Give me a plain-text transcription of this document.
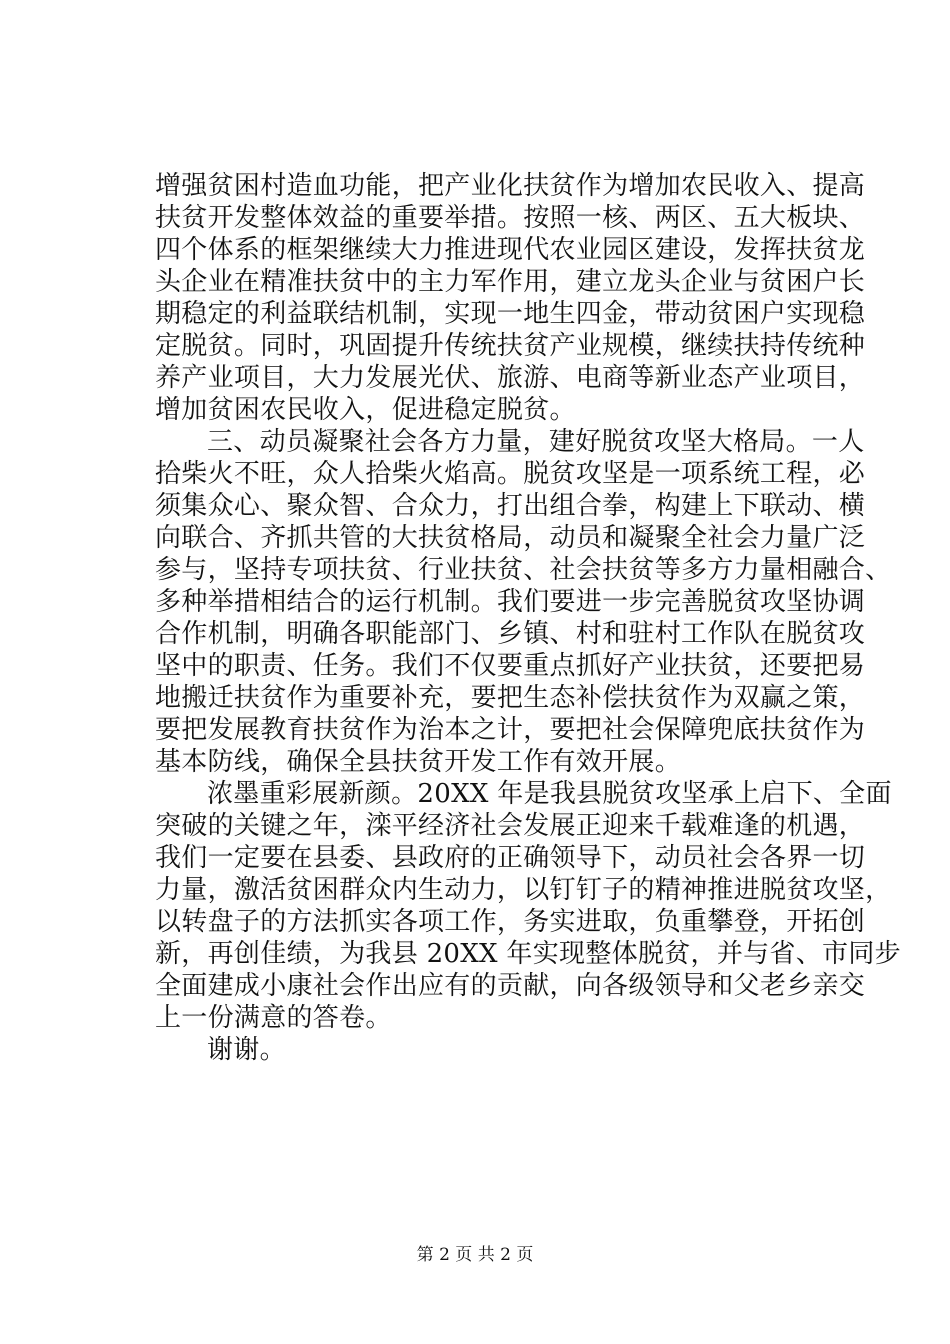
增强贫困村造血功能，把产业化扶贫作为增加农民收入、提高
扶贫开发整体效益的重要举措。按照一核、两区、五大板块、
四个体系的框架继续大力推进现代农业园区建设，发挥扶贫龙
头企业在精准扶贫中的主力军作用，建立龙头企业与贫困户长
期稳定的利益联结机制，实现一地生四金，带动贫困户实现稳
定脱贫。同时，巩固提升传统扶贫产业规模，继续扶持传统种
养产业项目，大力发展光伏、旅游、电商等新业态产业项目，
增加贫困农民收入，促进稳定脱贫。
三、动员凝聚社会各方力量，建好脱贫攻坚大格局。一人
拾柴火不旺，众人拾柴火焰高。脱贫攻坚是一项系统工程，必
须集众心、聚众智、合众力，打出组合拳，构建上下联动、横
向联合、齐抓共管的大扶贫格局，动员和凝聚全社会力量广泛
参与，坚持专项扶贫、行业扶贫、社会扶贫等多方力量相融合、
多种举措相结合的运行机制。我们要进一步完善脱贫攻坚协调
合作机制，明确各职能部门、乡镇、村和驻村工作队在脱贫攻
坚中的职责、任务。我们不仅要重点抓好产业扶贫，还要把易
地搬迁扶贫作为重要补充，要把生态补偿扶贫作为双赢之策，
要把发展教育扶贫作为治本之计，要把社会保障兜底扶贫作为
基本防线，确保全县扶贫开发工作有效开展。
浓墨重彩展新颜。20XX 年是我县脱贫攻坚承上启下、全面
突破的关键之年，滦平经济社会发展正迎来千载难逢的机遇，
我们一定要在县委、县政府的正确领导下，动员社会各界一切
力量，激活贫困群众内生动力，以钉钉子的精神推进脱贫攻坚，
以转盘子的方法抓实各项工作，务实进取，负重攀登，开拓创
新，再创佳绩，为我县 20XX 年实现整体脱贫，并与省、市同步
全面建成小康社会作出应有的贡献，向各级领导和父老乡亲交
上一份满意的答卷。
谢谢。
第 2 页 共 2 页
